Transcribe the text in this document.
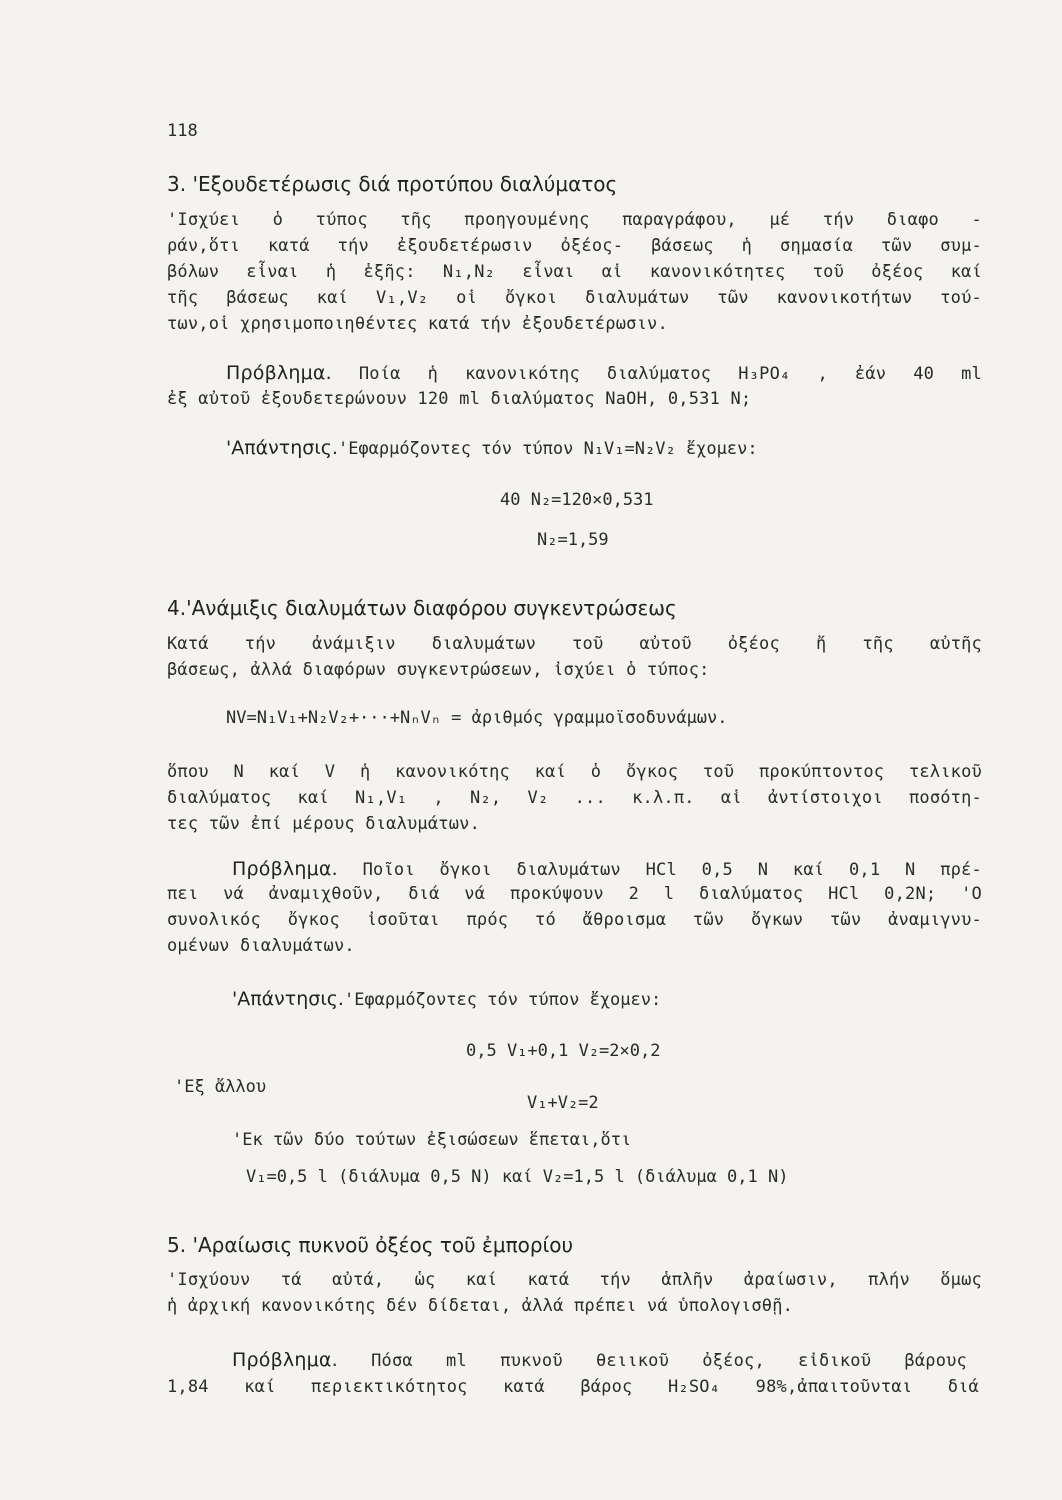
118
3. 'Εξουδετέρωσις διά προτύπου διαλύματος
'Ισχύει ὁ τύπος τῆς προηγουμένης παραγράφου, μέ τήν διαφο -
ράν,ὅτι κατά τήν ἐξουδετέρωσιν ὀξέος- βάσεως ἡ σημασία τῶν συμ-
βόλων εἶναι ἡ ἑξῆς: N₁,N₂ εἶναι αἱ κανονικότητες τοῦ ὀξέος καί
τῆς βάσεως καί V₁,V₂ οἱ ὄγκοι διαλυμάτων τῶν κανονικοτήτων τού-
των,οἱ χρησιμοποιηθέντες κατά τήν ἐξουδετέρωσιν.
Πρόβλημα. Ποία ἡ κανονικότης διαλύματος H₃PO₄ , ἐάν 40 ml
ἐξ αὐτοῦ ἐξουδετερώνουν 120 ml διαλύματος NaOH, 0,531 N;
'Απάντησις.'Εφαρμόζοντες τόν τύπον N₁V₁=N₂V₂ ἔχομεν:
40 N₂=120×0,531
N₂=1,59
4.'Ανάμιξις διαλυμάτων διαφόρου συγκεντρώσεως
Κατά τήν ἀνάμιξιν διαλυμάτων τοῦ αὐτοῦ ὀξέος ἤ τῆς αὐτῆς
βάσεως, ἀλλά διαφόρων συγκεντρώσεων, ἰσχύει ὁ τύπος:
NV=N₁V₁+N₂V₂+···+NₙVₙ = ἀριθμός γραμμοϊσοδυνάμων.
ὅπου N καί V ἡ κανονικότης καί ὁ ὄγκος τοῦ προκύπτοντος τελικοῦ
διαλύματος καί N₁,V₁ , N₂, V₂ ... κ.λ.π. αἱ ἀντίστοιχοι ποσότη-
τες τῶν ἐπί μέρους διαλυμάτων.
Πρόβλημα. Ποῖοι ὄγκοι διαλυμάτων HCl 0,5 N καί 0,1 N πρέ-
πει νά ἀναμιχθοῦν, διά νά προκύψουν 2 l διαλύματος HCl 0,2N; 'Ο
συνολικός ὄγκος ἰσοῦται πρός τό ἄθροισμα τῶν ὄγκων τῶν ἀναμιγνυ-
ομένων διαλυμάτων.
'Απάντησις.'Εφαρμόζοντες τόν τύπον ἔχομεν:
0,5 V₁+0,1 V₂=2×0,2
'Εξ ἄλλου
V₁+V₂=2
'Εκ τῶν δύο τούτων ἐξισώσεων ἕπεται,ὅτι
V₁=0,5 l (διάλυμα 0,5 N) καί V₂=1,5 l (διάλυμα 0,1 N)
5. 'Αραίωσις πυκνοῦ ὀξέος τοῦ ἐμπορίου
'Ισχύουν τά αὐτά, ὡς καί κατά τήν ἁπλῆν ἀραίωσιν, πλήν ὅμως
ἡ ἀρχική κανονικότης δέν δίδεται, ἀλλά πρέπει νά ὑπολογισθῇ.
Πρόβλημα. Πόσα ml πυκνοῦ θειικοῦ ὀξέος, εἰδικοῦ βάρους
1,84 καί περιεκτικότητος κατά βάρος H₂SO₄ 98%,ἀπαιτοῦνται διά
